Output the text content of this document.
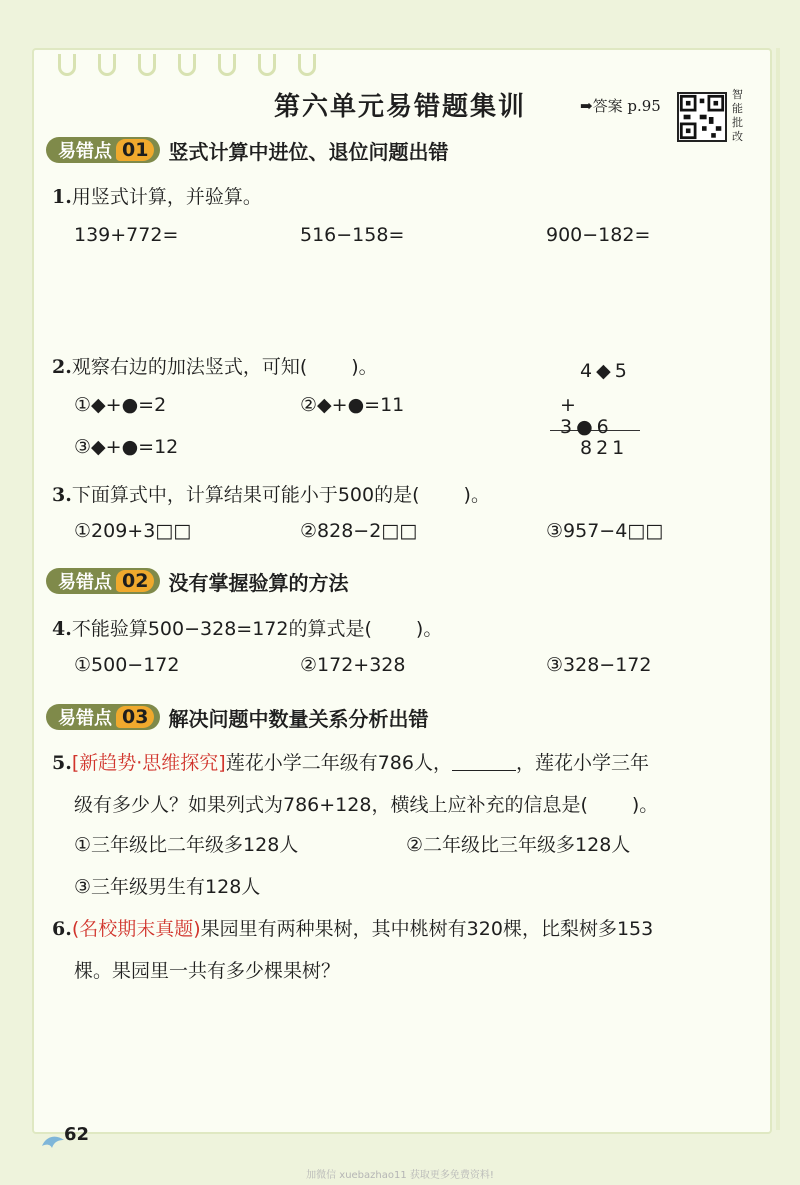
第六单元易错题集训	➡答案 p.95
智能批改
易错点 01	竖式计算中进位、退位问题出错
1.用竖式计算，并验算。
139+772=	516−158=	900−182=
2.观察右边的加法竖式，可知( )。
①◆+●=2	②◆+●=11
③◆+●=12
4◆5
+ 3●6
821
3.下面算式中，计算结果可能小于500的是( )。
①209+3□□	②828−2□□	③957−4□□
易错点 02	没有掌握验算的方法
4.不能验算500−328=172的算式是( )。
①500−172	②172+328	③328−172
易错点 03	解决问题中数量关系分析出错
5.[新趋势·思维探究]莲花小学二年级有786人，	，莲花小学三年
级有多少人？如果列式为786+128，横线上应补充的信息是( )。
①三年级比二年级多128人	②二年级比三年级多128人
③三年级男生有128人
6.(名校期末真题)果园里有两种果树，其中桃树有320棵，比梨树多153
棵。果园里一共有多少棵果树？
62
加微信 xuebazhao11 获取更多免费资料!
